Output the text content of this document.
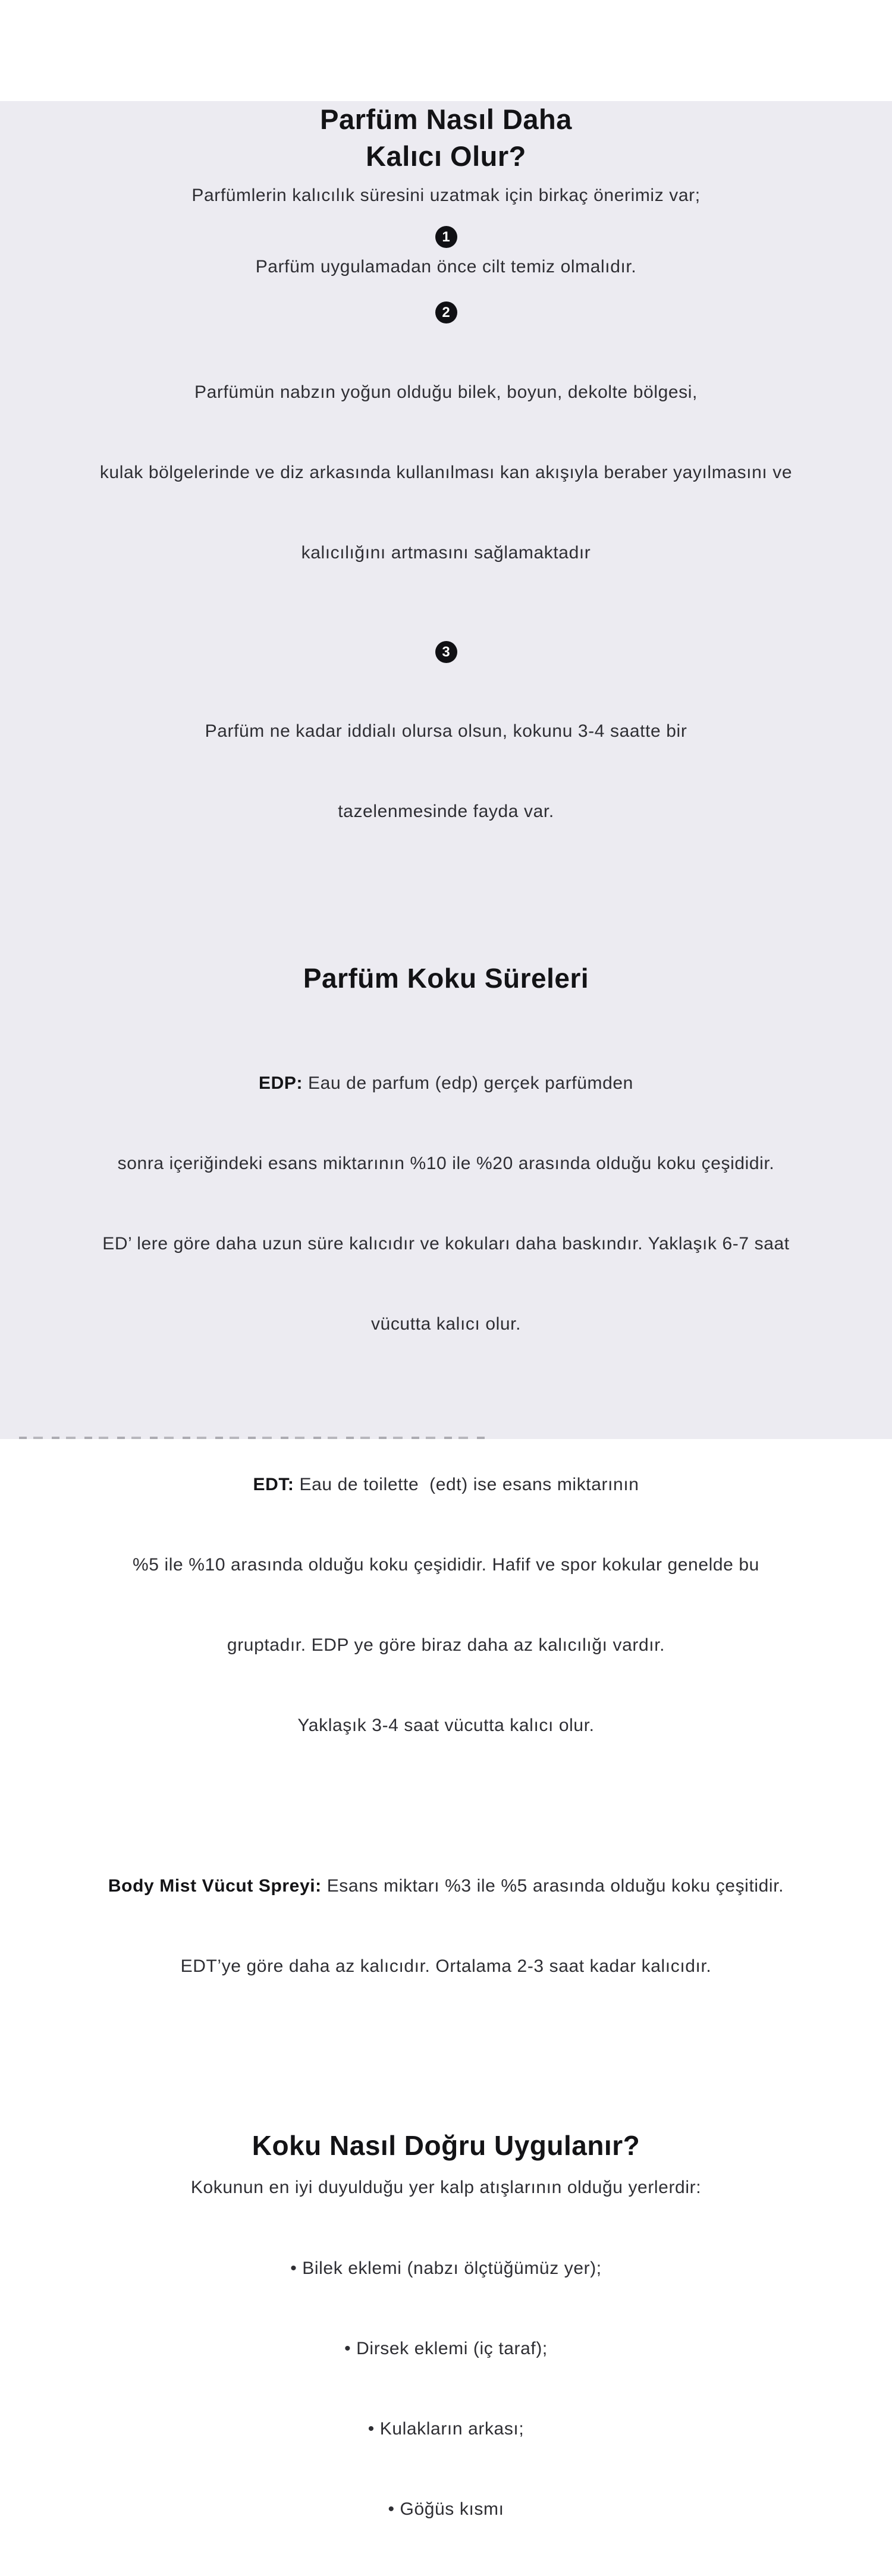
Parfüm Nasıl Daha
Kalıcı Olur?

Parfümlerin kalıcılık süresini uzatmak için birkaç önerimiz var;

1

Parfüm uygulamadan önce cilt temiz olmalıdır.

2

Parfümün nabzın yoğun olduğu bilek, boyun, dekolte bölgesi,

kulak bölgelerinde ve diz arkasında kullanılması kan akışıyla beraber yayılmasını ve

kalıcılığını artmasını sağlamaktadır

3

Parfüm ne kadar iddialı olursa olsun, kokunu 3-4 saatte bir

tazelenmesinde fayda var.

Parfüm Koku Süreleri

EDP: Eau de parfum (edp) gerçek parfümden

sonra içeriğindeki esans miktarının %10 ile %20 arasında olduğu koku çeşididir.

ED’ lere göre daha uzun süre kalıcıdır ve kokuları daha baskındır. Yaklaşık 6-7 saat

vücutta kalıcı olur.

EDT: Eau de toilette  (edt) ise esans miktarının

%5 ile %10 arasında olduğu koku çeşididir. Hafif ve spor kokular genelde bu

gruptadır. EDP ye göre biraz daha az kalıcılığı vardır.

Yaklaşık 3-4 saat vücutta kalıcı olur.

Body Mist Vücut Spreyi: Esans miktarı %3 ile %5 arasında olduğu koku çeşitidir.

EDT’ye göre daha az kalıcıdır. Ortalama 2-3 saat kadar kalıcıdır.

Koku Nasıl Doğru Uygulanır?

Kokunun en iyi duyulduğu yer kalp atışlarının olduğu yerlerdir:

• Bilek eklemi (nabzı ölçtüğümüz yer);

• Dirsek eklemi (iç taraf);

• Kulakların arkası;

• Göğüs kısmı
